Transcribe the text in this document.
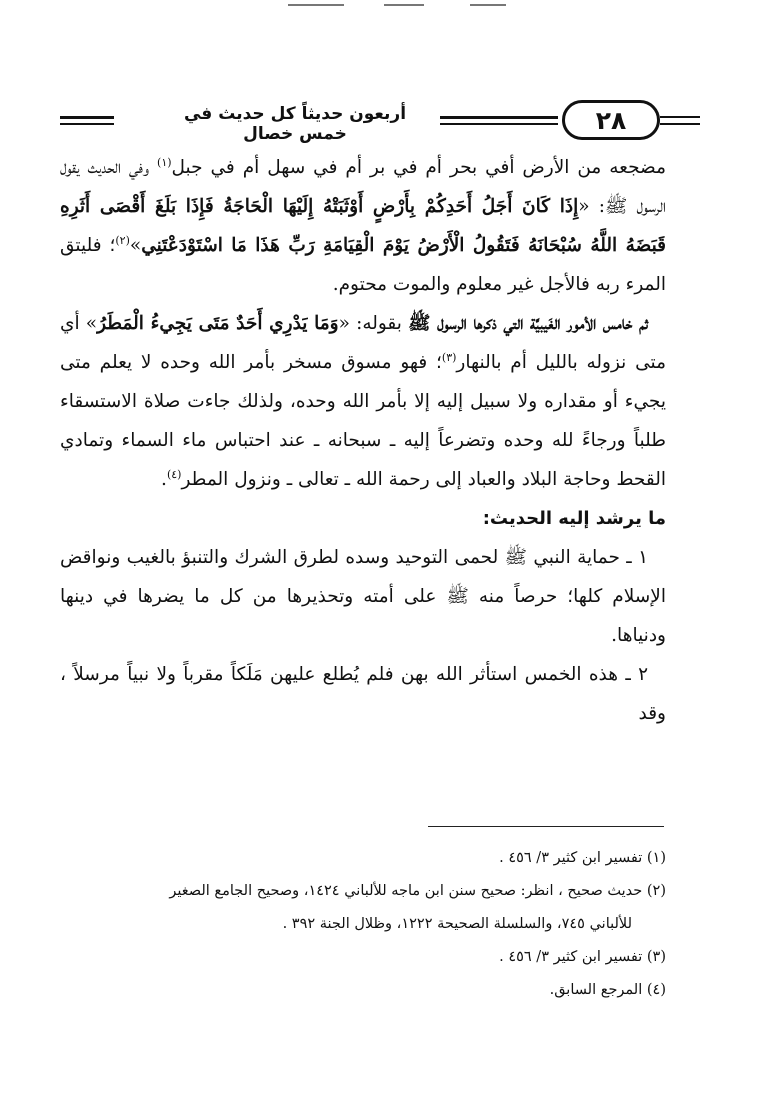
٢٨
أربعون حديثاً كل حديث في خمس خصال

مضجعه من الأرض أفي بحر أم في بر أم في سهل أم في جبل$^{(١)}$ وفي الحديث يقول الرسول ﷺ: «إِذَا كَانَ أَجَلُ أَحَدِكُمْ بِأَرْضٍ أَوْثَبَتْهُ إِلَيْهَا الْحَاجَةُ فَإِذَا بَلَغَ أَقْصَى أَثَرِهِ قَبَضَهُ اللَّهُ سُبْحَانَهُ فَتَقُولُ الْأَرْضُ يَوْمَ الْقِيَامَةِ رَبِّ هَذَا مَا اسْتَوْدَعْتَنِي»$^{(٢)}$؛ فليتق المرء ربه فالأجل غير معلوم والموت محتوم.

ثم خامس الأمور الغَيبيَّة التي ذكرها الرسول ﷺ بقوله: «وَمَا يَدْرِي أَحَدٌ مَتَى يَجِيءُ الْمَطَرُ» أي متى نزوله بالليل أم بالنهار$^{(٣)}$؛ فهو مسوق مسخر بأمر الله وحده لا يعلم متى يجيء أو مقداره ولا سبيل إليه إلا بأمر الله وحده، ولذلك جاءت صلاة الاستسقاء طلباً ورجاءً لله وحده وتضرعاً إليه ـ سبحانه ـ عند احتباس ماء السماء وتمادي القحط وحاجة البلاد والعباد إلى رحمة الله ـ تعالى ـ ونزول المطر$^{(٤)}$.

ما يرشد إليه الحديث:

١ ـ حماية النبي ﷺ لحمى التوحيد وسده لطرق الشرك والتنبؤ بالغيب ونواقض الإسلام كلها؛ حرصاً منه ﷺ على أمته وتحذيرها من كل ما يضرها في دينها ودنياها.

٢ ـ هذه الخمس استأثر الله بهن فلم يُطلع عليهن مَلَكاً مقرباً ولا نبياً مرسلاً ، وقد

(١) تفسير ابن كثير ٣/ ٤٥٦ .

(٢) حديث صحيح ، انظر: صحيح سنن ابن ماجه للألباني ١٤٢٤، وصحيح الجامع الصغير

للألباني ٧٤٥، والسلسلة الصحيحة ١٢٢٢، وظلال الجنة ٣٩٢ .

(٣) تفسير ابن كثير ٣/ ٤٥٦ .

(٤) المرجع السابق.
